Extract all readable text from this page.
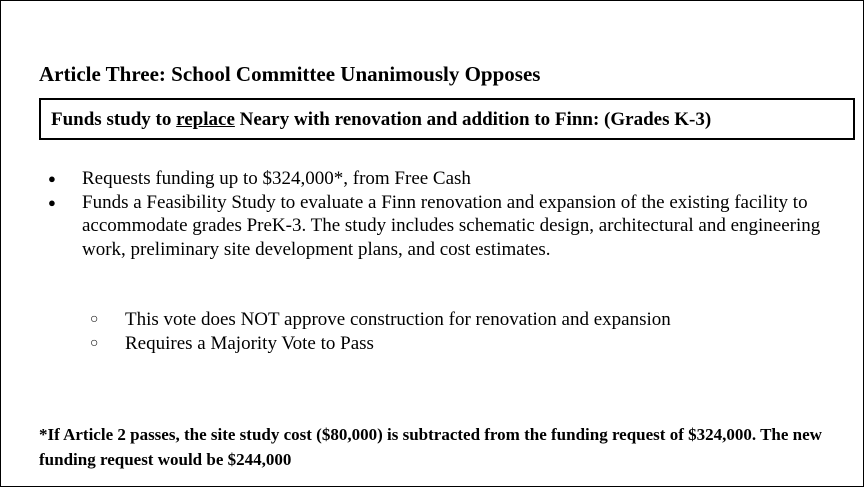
Article Three: School Committee Unanimously Opposes
Funds study to replace Neary with renovation and addition to Finn: (Grades K-3)
● Requests funding up to $324,000*, from Free Cash
● Funds a Feasibility Study to evaluate a Finn renovation and expansion of the existing facility to accommodate grades PreK-3. The study includes schematic design, architectural and engineering work, preliminary site development plans, and cost estimates.
○ This vote does NOT approve construction for renovation and expansion
○ Requires a Majority Vote to Pass

*If Article 2 passes, the site study cost ($80,000) is subtracted from the funding request of $324,000. The new funding request would be $244,000
